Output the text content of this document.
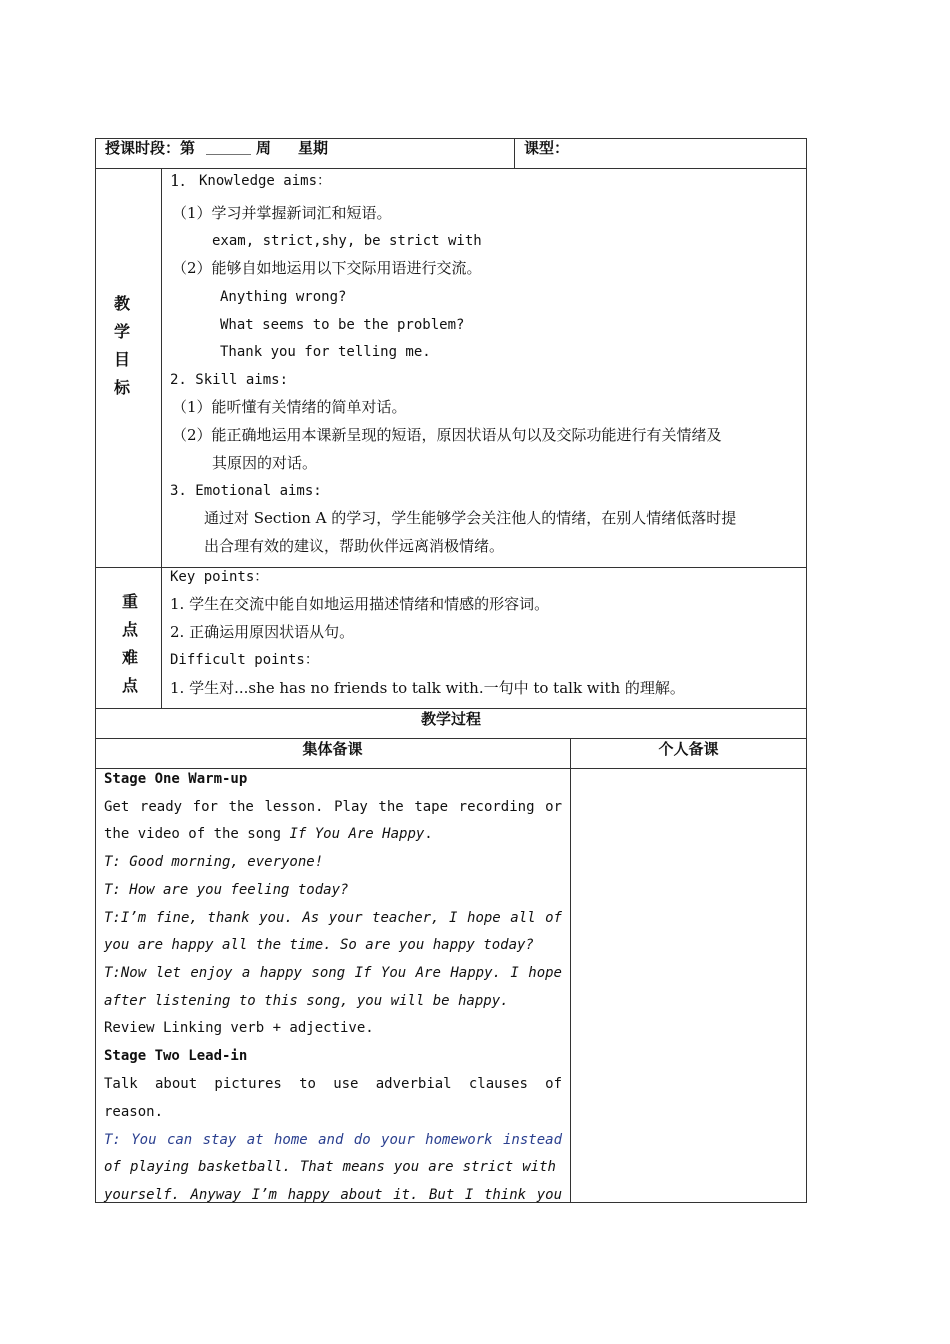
授课时段：第 ______ 周 星期	课型：
教
学
目
标
1. Knowledge aims：
（1）学习并掌握新词汇和短语。
exam, strict,shy, be strict with
（2）能够自如地运用以下交际用语进行交流。
Anything wrong?
What seems to be the problem?
Thank you for telling me.
2. Skill aims:
（1）能听懂有关情绪的简单对话。
（2）能正确地运用本课新呈现的短语，原因状语从句以及交际功能进行有关情绪及
其原因的对话。
3. Emotional aims:
通过对 Section A 的学习，学生能够学会关注他人的情绪，在别人情绪低落时提
出合理有效的建议，帮助伙伴远离消极情绪。
重
点
难
点
Key points：
1. 学生在交流中能自如地运用描述情绪和情感的形容词。
2. 正确运用原因状语从句。
Difficult points：
1. 学生对...she has no friends to talk with.一句中 to talk with 的理解。
教学过程
集体备课	个人备课
Stage One Warm-up
Get ready for the lesson. Play the tape recording or
the video of the song If You Are Happy.
T: Good morning, everyone!
T: How are you feeling today?
T:I’m fine, thank you. As your teacher, I hope all of
you are happy all the time. So are you happy today?
T:Now let enjoy a happy song If You Are Happy. I hope
after listening to this song, you will be happy.
Review Linking verb + adjective.
Stage Two Lead-in
Talk about pictures to use adverbial clauses of
reason.
T: You can stay at home and do your homework instead
of playing basketball. That means you are strict with
yourself. Anyway I’m happy about it. But I think you
